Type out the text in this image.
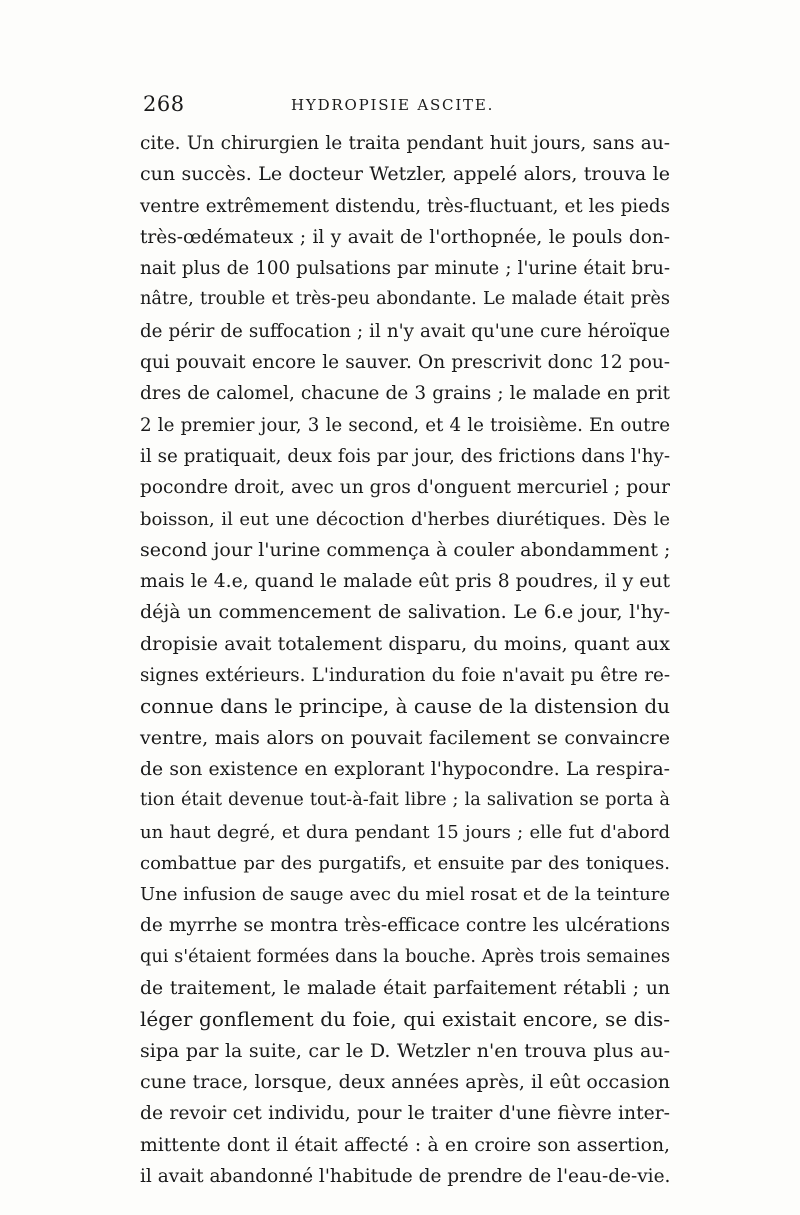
268	HYDROPISIE ASCITE.
cite. Un chirurgien le traita pendant huit jours, sans au-
cun succès. Le docteur Wetzler, appelé alors, trouva le
ventre extrêmement distendu, très-fluctuant, et les pieds
très-œdémateux ; il y avait de l'orthopnée, le pouls don-
nait plus de 100 pulsations par minute ; l'urine était bru-
nâtre, trouble et très-peu abondante. Le malade était près
de périr de suffocation ; il n'y avait qu'une cure héroïque
qui pouvait encore le sauver. On prescrivit donc 12 pou-
dres de calomel, chacune de 3 grains ; le malade en prit
2 le premier jour, 3 le second, et 4 le troisième. En outre
il se pratiquait, deux fois par jour, des frictions dans l'hy-
pocondre droit, avec un gros d'onguent mercuriel ; pour
boisson, il eut une décoction d'herbes diurétiques. Dès le
second jour l'urine commença à couler abondamment ;
mais le 4.e, quand le malade eût pris 8 poudres, il y eut
déjà un commencement de salivation. Le 6.e jour, l'hy-
dropisie avait totalement disparu, du moins, quant aux
signes extérieurs. L'induration du foie n'avait pu être re-
connue dans le principe, à cause de la distension du
ventre, mais alors on pouvait facilement se convaincre
de son existence en explorant l'hypocondre. La respira-
tion était devenue tout-à-fait libre ; la salivation se porta à
un haut degré, et dura pendant 15 jours ; elle fut d'abord
combattue par des purgatifs, et ensuite par des toniques.
Une infusion de sauge avec du miel rosat et de la teinture
de myrrhe se montra très-efficace contre les ulcérations
qui s'étaient formées dans la bouche. Après trois semaines
de traitement, le malade était parfaitement rétabli ; un
léger gonflement du foie, qui existait encore, se dis-
sipa par la suite, car le D. Wetzler n'en trouva plus au-
cune trace, lorsque, deux années après, il eût occasion
de revoir cet individu, pour le traiter d'une fièvre inter-
mittente dont il était affecté : à en croire son assertion,
il avait abandonné l'habitude de prendre de l'eau-de-vie.
